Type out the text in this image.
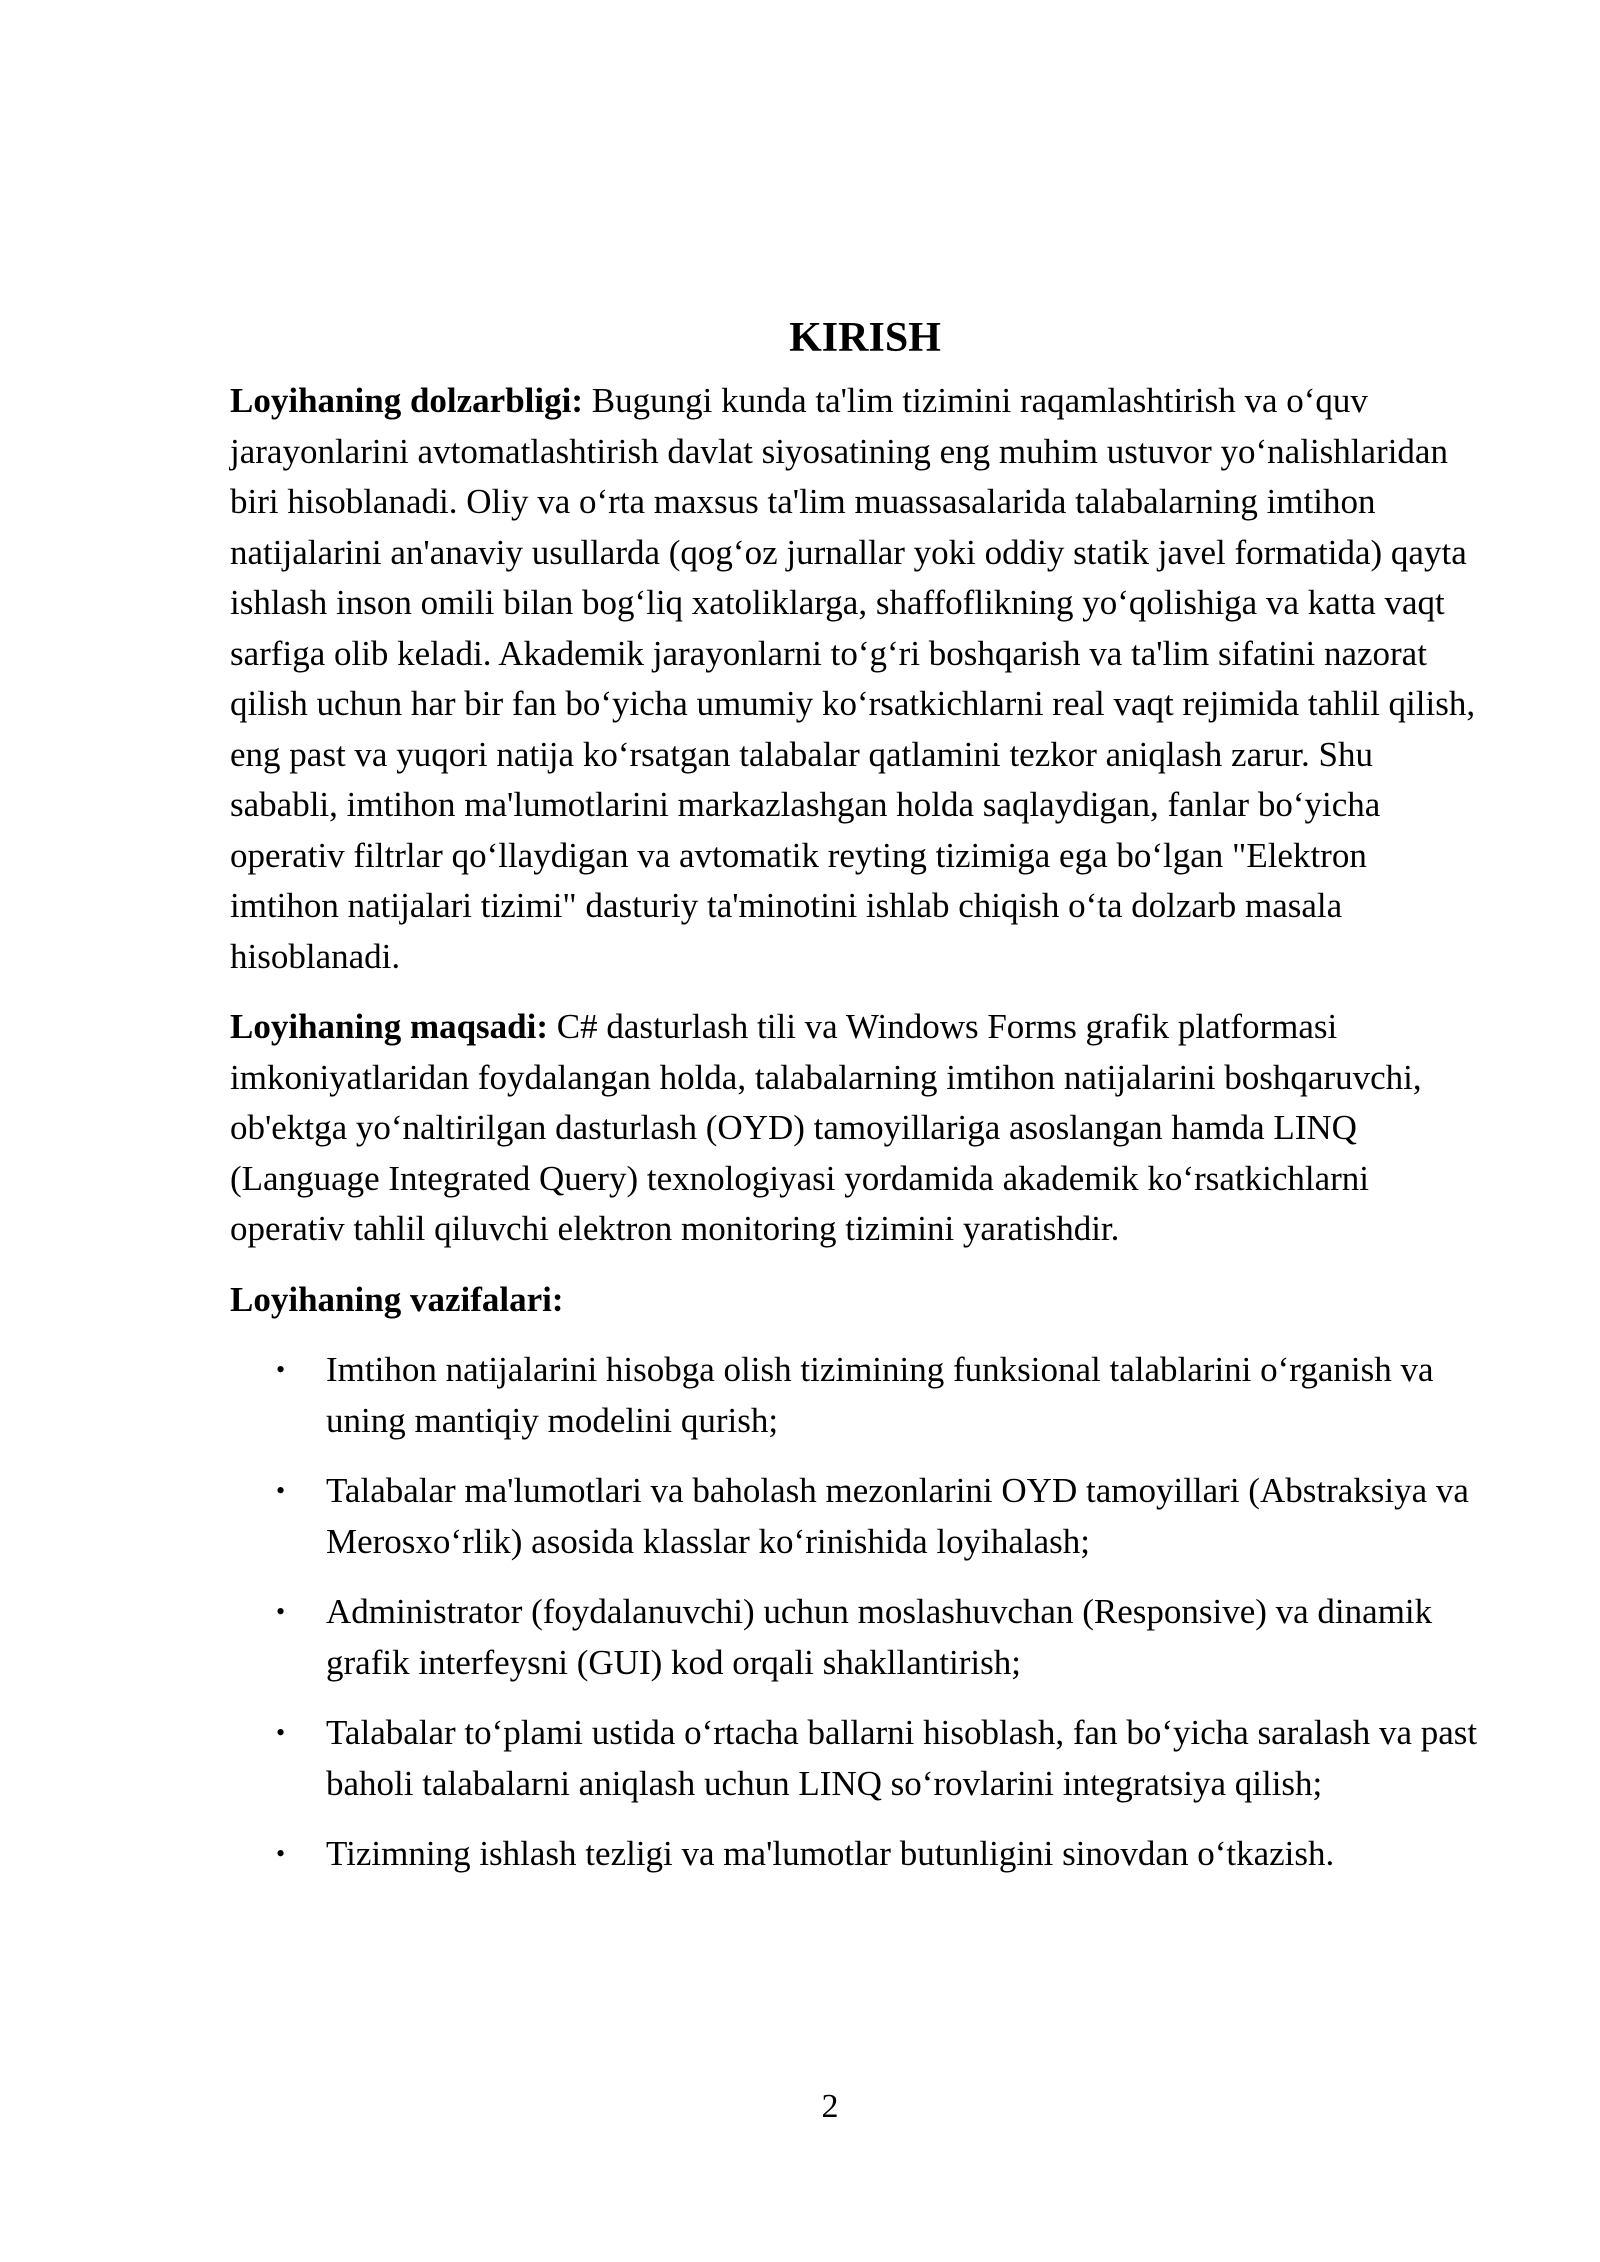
KIRISH

Loyihaning dolzarbligi: Bugungi kunda ta'lim tizimini raqamlashtirish va o‘quv jarayonlarini avtomatlashtirish davlat siyosatining eng muhim ustuvor yo‘nalishlaridan biri hisoblanadi. Oliy va o‘rta maxsus ta'lim muassasalarida talabalarning imtihon natijalarini an'anaviy usullarda (qog‘oz jurnallar yoki oddiy statik javel formatida) qayta ishlash inson omili bilan bog‘liq xatoliklarga, shaffoflikning yo‘qolishiga va katta vaqt sarfiga olib keladi. Akademik jarayonlarni to‘g‘ri boshqarish va ta'lim sifatini nazorat qilish uchun har bir fan bo‘yicha umumiy ko‘rsatkichlarni real vaqt rejimida tahlil qilish, eng past va yuqori natija ko‘rsatgan talabalar qatlamini tezkor aniqlash zarur. Shu sababli, imtihon ma'lumotlarini markazlashgan holda saqlaydigan, fanlar bo‘yicha operativ filtrlar qo‘llaydigan va avtomatik reyting tizimiga ega bo‘lgan "Elektron imtihon natijalari tizimi" dasturiy ta'minotini ishlab chiqish o‘ta dolzarb masala hisoblanadi.

Loyihaning maqsadi: C# dasturlash tili va Windows Forms grafik platformasi imkoniyatlaridan foydalangan holda, talabalarning imtihon natijalarini boshqaruvchi, ob'ektga yo‘naltirilgan dasturlash (OYD) tamoyillariga asoslangan hamda LINQ (Language Integrated Query) texnologiyasi yordamida akademik ko‘rsatkichlarni operativ tahlil qiluvchi elektron monitoring tizimini yaratishdir.

Loyihaning vazifalari:
• Imtihon natijalarini hisobga olish tizimining funksional talablarini o‘rganish va uning mantiqiy modelini qurish;
• Talabalar ma'lumotlari va baholash mezonlarini OYD tamoyillari (Abstraksiya va Merosxo‘rlik) asosida klasslar ko‘rinishida loyihalash;
• Administrator (foydalanuvchi) uchun moslashuvchan (Responsive) va dinamik grafik interfeysni (GUI) kod orqali shakllantirish;
• Talabalar to‘plami ustida o‘rtacha ballarni hisoblash, fan bo‘yicha saralash va past baholi talabalarni aniqlash uchun LINQ so‘rovlarini integratsiya qilish;
• Tizimning ishlash tezligi va ma'lumotlar butunligini sinovdan o‘tkazish.
2
